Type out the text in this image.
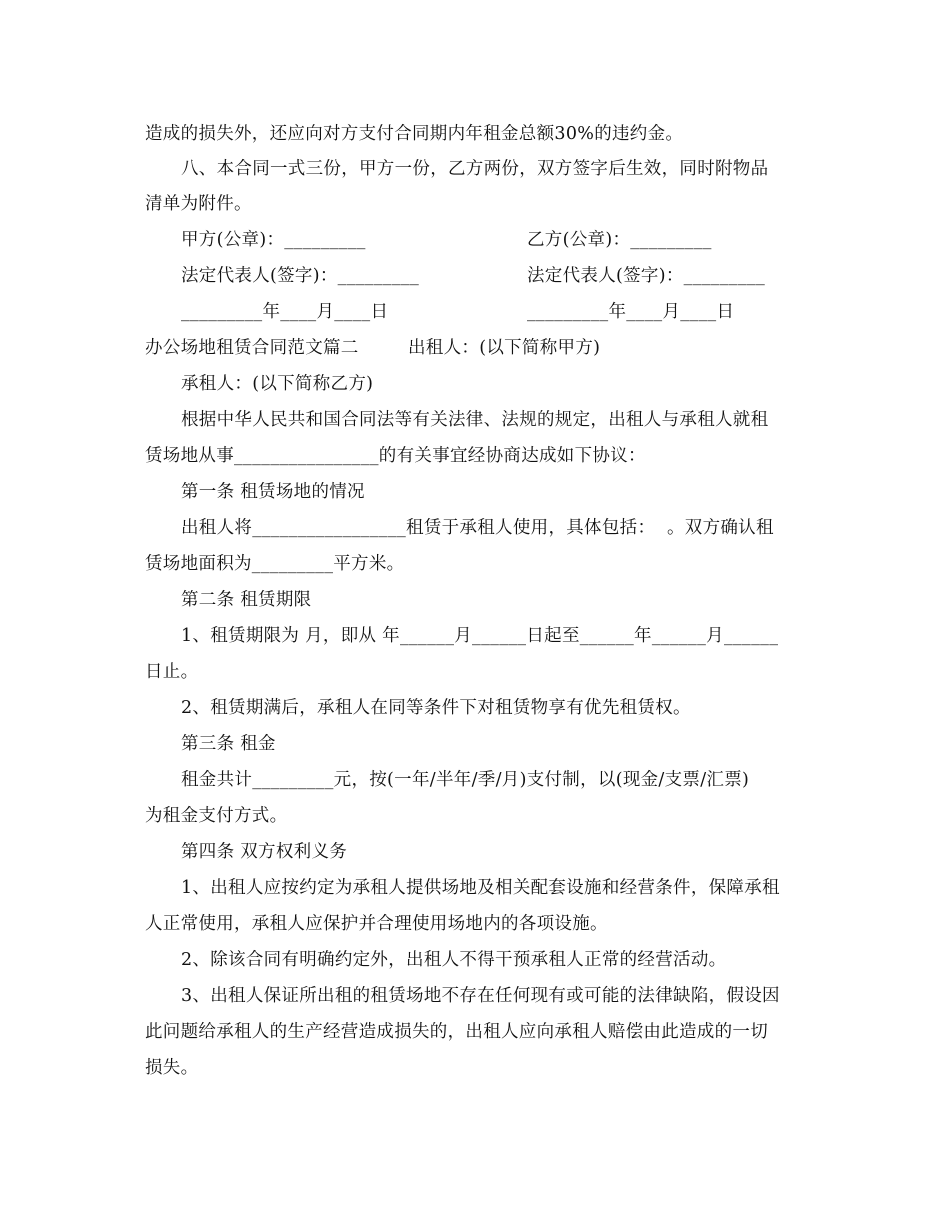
造成的损失外，还应向对方支付合同期内年租金总额30%的违约金。
八、本合同一式三份，甲方一份，乙方两份，双方签字后生效，同时附物品
清单为附件。
甲方(公章)：_________	乙方(公章)：_________
法定代表人(签字)：_________	法定代表人(签字)：_________
_________年____月____日	_________年____月____日
办公场地租赁合同范文篇二	出租人：(以下简称甲方)
承租人：(以下简称乙方)
根据中华人民共和国合同法等有关法律、法规的规定，出租人与承租人就租
赁场地从事________________的有关事宜经协商达成如下协议：
第一条 租赁场地的情况
出租人将_________________租赁于承租人使用，具体包括：  。双方确认租
赁场地面积为_________平方米。
第二条 租赁期限
1、租赁期限为 月，即从 年______月______日起至______年______月______
日止。
2、租赁期满后，承租人在同等条件下对租赁物享有优先租赁权。
第三条 租金
租金共计_________元，按(一年/半年/季/月)支付制，以(现金/支票/汇票)
为租金支付方式。
第四条 双方权利义务
1、出租人应按约定为承租人提供场地及相关配套设施和经营条件，保障承租
人正常使用，承租人应保护并合理使用场地内的各项设施。
2、除该合同有明确约定外，出租人不得干预承租人正常的经营活动。
3、出租人保证所出租的租赁场地不存在任何现有或可能的法律缺陷，假设因
此问题给承租人的生产经营造成损失的，出租人应向承租人赔偿由此造成的一切
损失。
